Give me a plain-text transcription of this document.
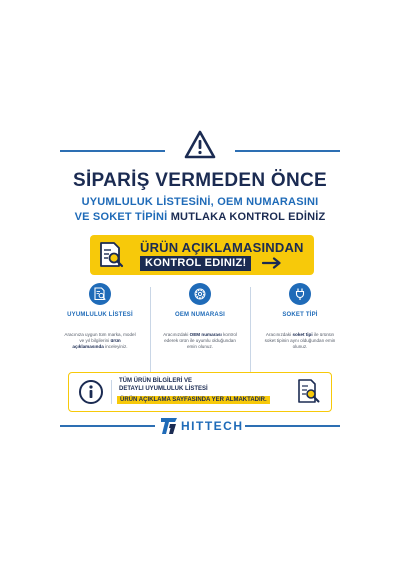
SİPARİŞ VERMEDEN ÖNCE
UYUMLULUK LİSTESİNİ, OEM NUMARASINI
VE SOKET TİPİNİ MUTLAKA KONTROL EDİNİZ
ÜRÜN AÇIKLAMASINDAN
KONTROL EDINIZ!
UYUMLULUK LİSTESİ
Aracınıza uygun tüm marka, model ve yıl bilgilerini ürün açıklamasında inceleyiniz.
OEM NUMARASI
Aracınızdaki OEM numarası kontrol ederek ürün ile uyumlu olduğundan emin olunuz.
SOKET TİPİ
Aracınızdaki soket tipi ile ürünün soket tipinin aynı olduğundan emin olunuz.
TÜM ÜRÜN BİLGİLERİ VE
DETAYLI UYUMLULUK LİSTESİ
ÜRÜN AÇIKLAMA SAYFASINDA YER ALMAKTADIR.
HITTECH
